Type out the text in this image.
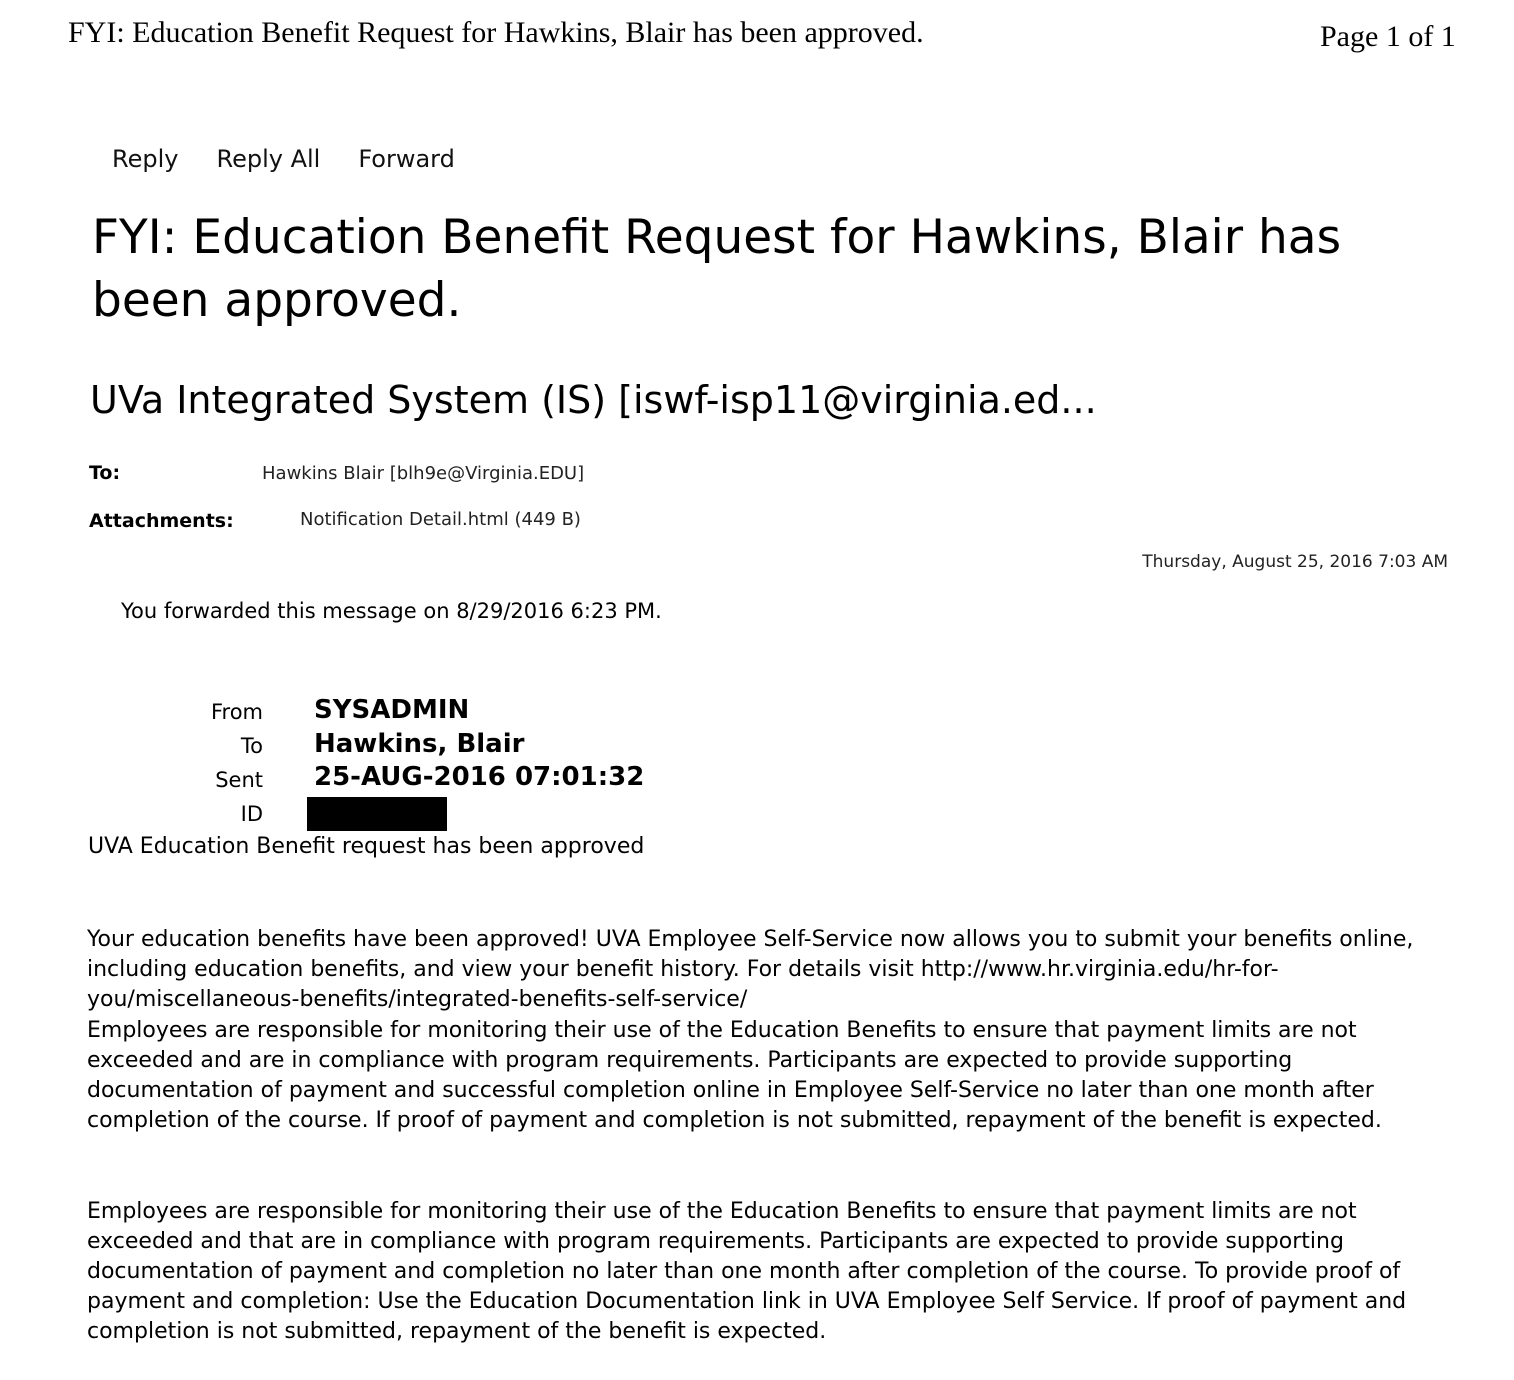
FYI: Education Benefit Request for Hawkins, Blair has been approved.	Page 1 of 1
Reply Reply All Forward
FYI: Education Benefit Request for Hawkins, Blair has been approved.
UVa Integrated System (IS) [iswf-isp11@virginia.ed...
To:	Hawkins Blair [blh9e@Virginia.EDU]
Attachments:	Notification Detail.html (449 B)
Thursday, August 25, 2016 7:03 AM
You forwarded this message on 8/29/2016 6:23 PM.
From SYSADMIN
To Hawkins, Blair
Sent 25-AUG-2016 07:01:32
ID
UVA Education Benefit request has been approved
Your education benefits have been approved! UVA Employee Self-Service now allows you to submit your benefits online, including education benefits, and view your benefit history. For details visit http://www.hr.virginia.edu/hr-for-you/miscellaneous-benefits/integrated-benefits-self-service/
Employees are responsible for monitoring their use of the Education Benefits to ensure that payment limits are not exceeded and are in compliance with program requirements. Participants are expected to provide supporting documentation of payment and successful completion online in Employee Self-Service no later than one month after completion of the course. If proof of payment and completion is not submitted, repayment of the benefit is expected.
Employees are responsible for monitoring their use of the Education Benefits to ensure that payment limits are not exceeded and that are in compliance with program requirements. Participants are expected to provide supporting documentation of payment and completion no later than one month after completion of the course. To provide proof of payment and completion: Use the Education Documentation link in UVA Employee Self Service. If proof of payment and completion is not submitted, repayment of the benefit is expected.
